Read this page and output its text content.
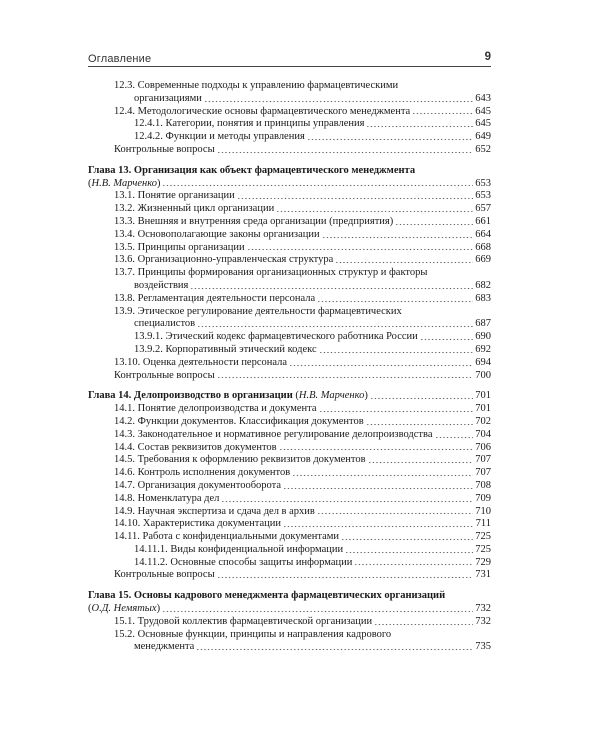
Оглавление	9
12.3. Современные подходы к управлению фармацевтическими
организациями	643
12.4. Методологические основы фармацевтического менеджмента	645
12.4.1. Категории, понятия и принципы управления	645
12.4.2. Функции и методы управления	649
Контрольные вопросы	652
Глава 13. Организация как объект фармацевтического менеджмента
(Н.В. Марченко)	653
13.1. Понятие организации	653
13.2. Жизненный цикл организации	657
13.3. Внешняя и внутренняя среда организации (предприятия)	661
13.4. Основополагающие законы организации	664
13.5. Принципы организации	668
13.6. Организационно-управленческая структура	669
13.7. Принципы формирования организационных структур и факторы
воздействия	682
13.8. Регламентация деятельности персонала	683
13.9. Этическое регулирование деятельности фармацевтических
специалистов	687
13.9.1. Этический кодекс фармацевтического работника России	690
13.9.2. Корпоративный этический кодекс	692
13.10. Оценка деятельности персонала	694
Контрольные вопросы	700
Глава 14. Делопроизводство в организации (Н.В. Марченко)	701
14.1. Понятие делопроизводства и документа	701
14.2. Функции документов. Классификация документов	702
14.3. Законодательное и нормативное регулирование делопроизводства	704
14.4. Состав реквизитов документов	706
14.5. Требования к оформлению реквизитов документов	707
14.6. Контроль исполнения документов	707
14.7. Организация документооборота	708
14.8. Номенклатура дел	709
14.9. Научная экспертиза и сдача дел в архив	710
14.10. Характеристика документации	711
14.11. Работа с конфиденциальными документами	725
14.11.1. Виды конфиденциальной информации	725
14.11.2. Основные способы защиты информации	729
Контрольные вопросы	731
Глава 15. Основы кадрового менеджмента фармацевтических организаций
(О.Д. Немятых)	732
15.1. Трудовой коллектив фармацевтической организации	732
15.2. Основные функции, принципы и направления кадрового
менеджмента	735
